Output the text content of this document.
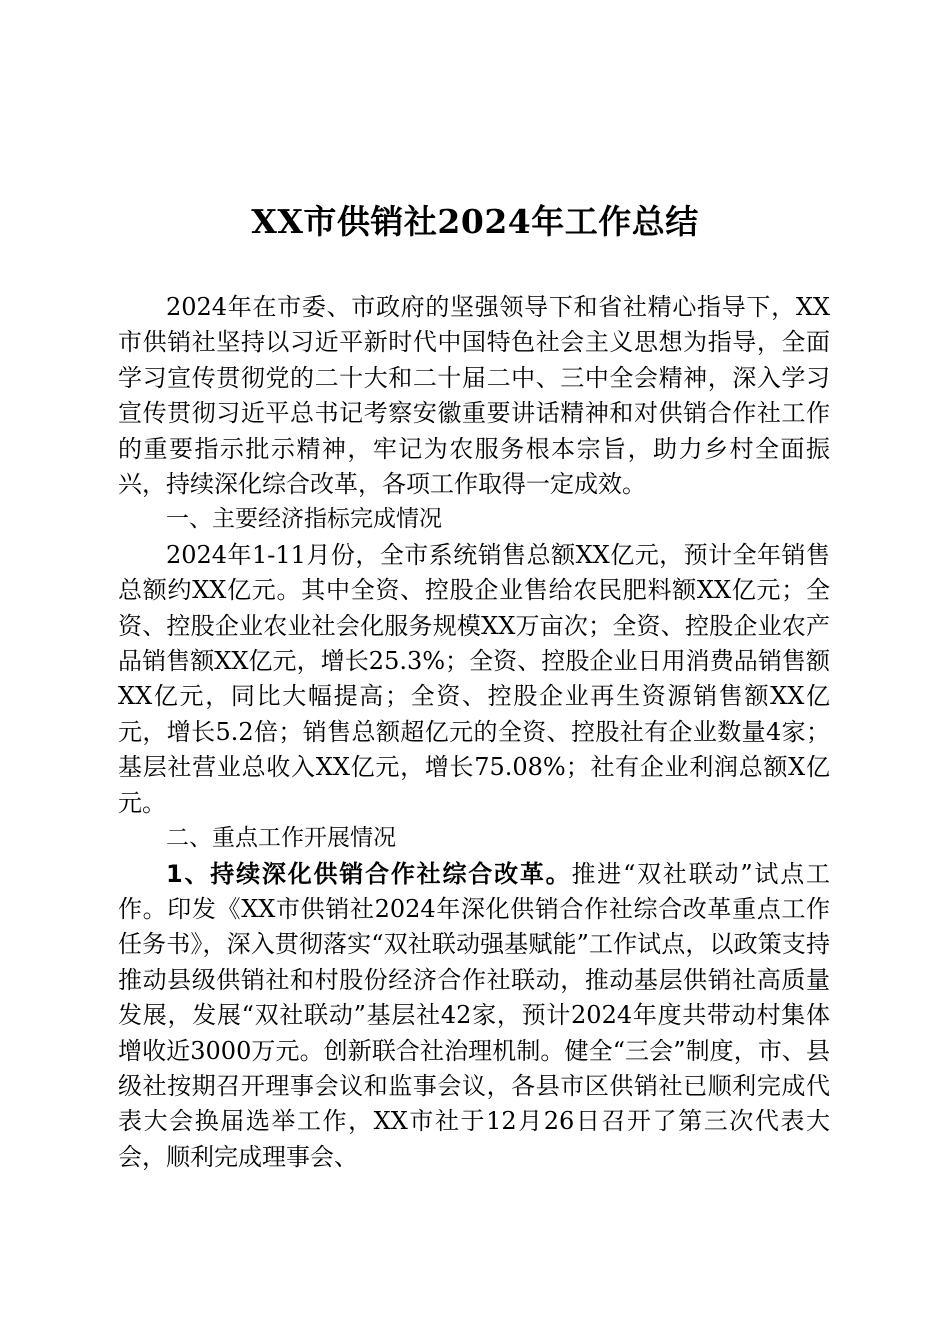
XX市供销社2024年工作总结

2024年在市委、市政府的坚强领导下和省社精心指导下，XX市供销社坚持以习近平新时代中国特色社会主义思想为指导，全面学习宣传贯彻党的二十大和二十届二中、三中全会精神，深入学习宣传贯彻习近平总书记考察安徽重要讲话精神和对供销合作社工作的重要指示批示精神，牢记为农服务根本宗旨，助力乡村全面振兴，持续深化综合改革，各项工作取得一定成效。

一、主要经济指标完成情况

2024年1-11月份，全市系统销售总额XX亿元，预计全年销售总额约XX亿元。其中全资、控股企业售给农民肥料额XX亿元；全资、控股企业农业社会化服务规模XX万亩次；全资、控股企业农产品销售额XX亿元，增长25.3%；全资、控股企业日用消费品销售额XX亿元，同比大幅提高；全资、控股企业再生资源销售额XX亿元，增长5.2倍；销售总额超亿元的全资、控股社有企业数量4家；基层社营业总收入XX亿元，增长75.08%；社有企业利润总额X亿元。

二、重点工作开展情况

1、持续深化供销合作社综合改革。推进“双社联动”试点工作。印发《XX市供销社2024年深化供销合作社综合改革重点工作任务书》，深入贯彻落实“双社联动强基赋能”工作试点，以政策支持推动县级供销社和村股份经济合作社联动，推动基层供销社高质量发展，发展“双社联动”基层社42家，预计2024年度共带动村集体增收近3000万元。创新联合社治理机制。健全“三会”制度，市、县级社按期召开理事会议和监事会议，各县市区供销社已顺利完成代表大会换届选举工作，XX市社于12月26日召开了第三次代表大会，顺利完成理事会、
